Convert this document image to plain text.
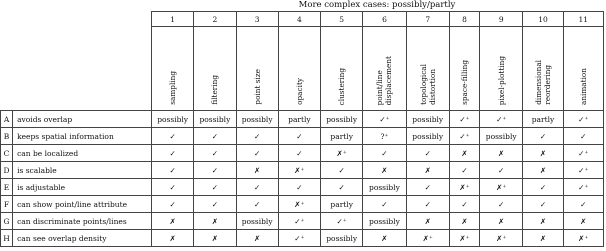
More complex cases: possibly/partly
		1	2	3	4	5	6	7	8	9	10	11
		sampling	filtering	point size	opacity	clustering	point/line
displacement	topological
distortion	space-filling	pixel-plotting	dimensional
reordering	animation
A	avoids overlap	possibly	possibly	possibly	partly	possibly	✓⁺	possibly	✓⁺	✓⁺	partly	✓⁺
B	keeps spatial information	✓	✓	✓	✓	partly	?⁺	possibly	✓⁺	possibly	✓	✓
C	can be localized	✓	✓	✓	✓	✗⁺	✓	✓	✗	✗	✗	✓⁺
D	is scalable	✓	✓	✗	✗⁺	✓	✗	✗	✓	✓	✗	✓⁺
E	is adjustable	✓	✓	✓	✓	✓	possibly	✓	✗⁺	✗⁺	✓	✓⁺
F	can show point/line attribute	✓	✓	✓	✗⁺	partly	✓	✓	✓	✓	✓	✓
G	can discriminate points/lines	✗	✗	possibly	✓⁺	✓⁺	possibly	✗	✗	✗	✗	✗
H	can see overlap density	✗	✗	✗	✓⁺	possibly	✗	✗⁺	✗⁺	✗⁺	✗	✗⁺
